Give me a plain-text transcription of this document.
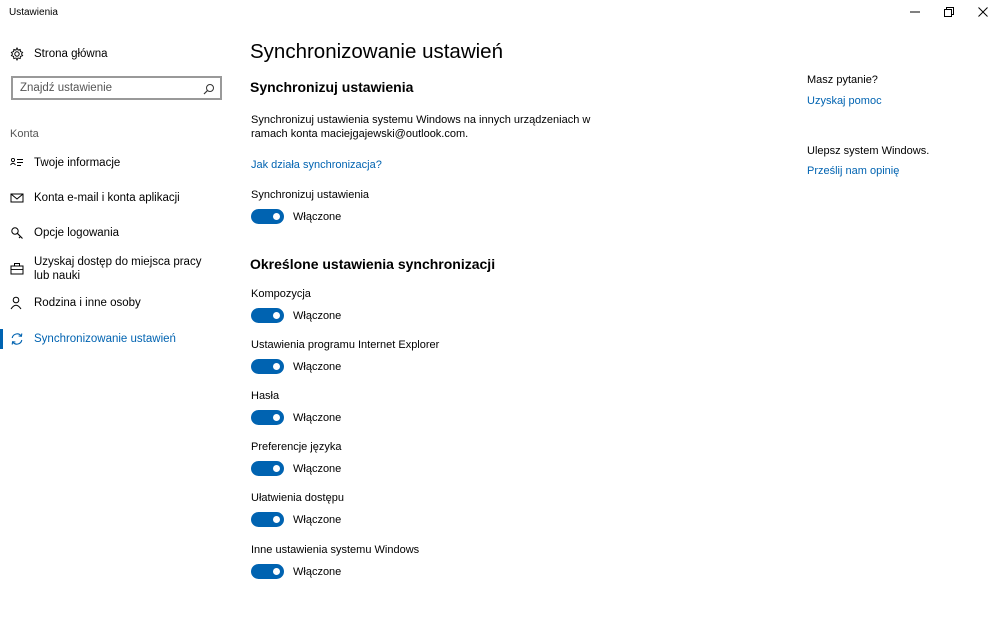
Ustawienia
Strona główna
Znajdź ustawienie
Konta
Twoje informacje
Konta e-mail i konta aplikacji
Opcje logowania
Uzyskaj dostęp do miejsca pracy lub nauki
Rodzina i inne osoby
Synchronizowanie ustawień
Synchronizowanie ustawień
Synchronizuj ustawienia

Synchronizuj ustawienia systemu Windows na innych urządzeniach w ramach konta maciejgajewski@outlook.com.

Jak działa synchronizacja?
Synchronizuj ustawienia
Włączone
Określone ustawienia synchronizacji
Kompozycja
Włączone
Ustawienia programu Internet Explorer
Włączone
Hasła
Włączone
Preferencje języka
Włączone
Ułatwienia dostępu
Włączone
Inne ustawienia systemu Windows
Włączone
Masz pytanie?
Uzyskaj pomoc
Ulepsz system Windows.
Prześlij nam opinię
